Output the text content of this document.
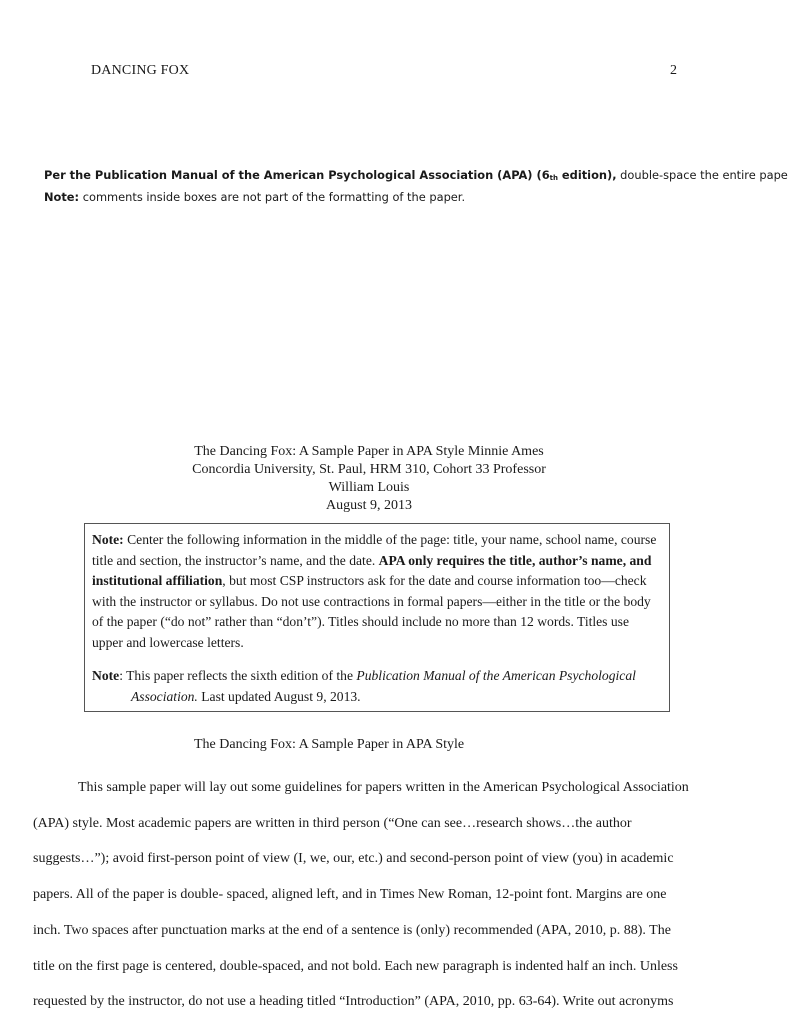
DANCING FOX	2
Per the Publication Manual of the American Psychological Association (APA) ($6_{th}$ edition), double-space the entire pape
Note: comments inside boxes are not part of the formatting of the paper.
The Dancing Fox: A Sample Paper in APA Style Minnie Ames
Concordia University, St. Paul, HRM 310, Cohort 33 Professor
William Louis
August 9, 2013

Note: Center the following information in the middle of the page: title, your name, school name, course title and section, the instructor’s name, and the date. APA only requires the title, author’s name, and institutional affiliation, but most CSP instructors ask for the date and course information too—check with the instructor or syllabus. Do not use contractions in formal papers—either in the title or the body of the paper (“do not” rather than “don’t”). Titles should include no more than 12 words. Titles use upper and lowercase letters.

Note: This paper reflects the sixth edition of the Publication Manual of the American Psychological Association. Last updated August 9, 2013.

The Dancing Fox: A Sample Paper in APA Style
This sample paper will lay out some guidelines for papers written in the American Psychological Association
(APA) style. Most academic papers are written in third person (“One can see…research shows…the author
suggests…”); avoid first-person point of view (I, we, our, etc.) and second-person point of view (you) in academic
papers. All of the paper is double- spaced, aligned left, and in Times New Roman, 12-point font. Margins are one
inch. Two spaces after punctuation marks at the end of a sentence is (only) recommended (APA, 2010, p. 88). The
title on the first page is centered, double-spaced, and not bold. Each new paragraph is indented half an inch. Unless
requested by the instructor, do not use a heading titled “Introduction” (APA, 2010, pp. 63-64). Write out acronyms
